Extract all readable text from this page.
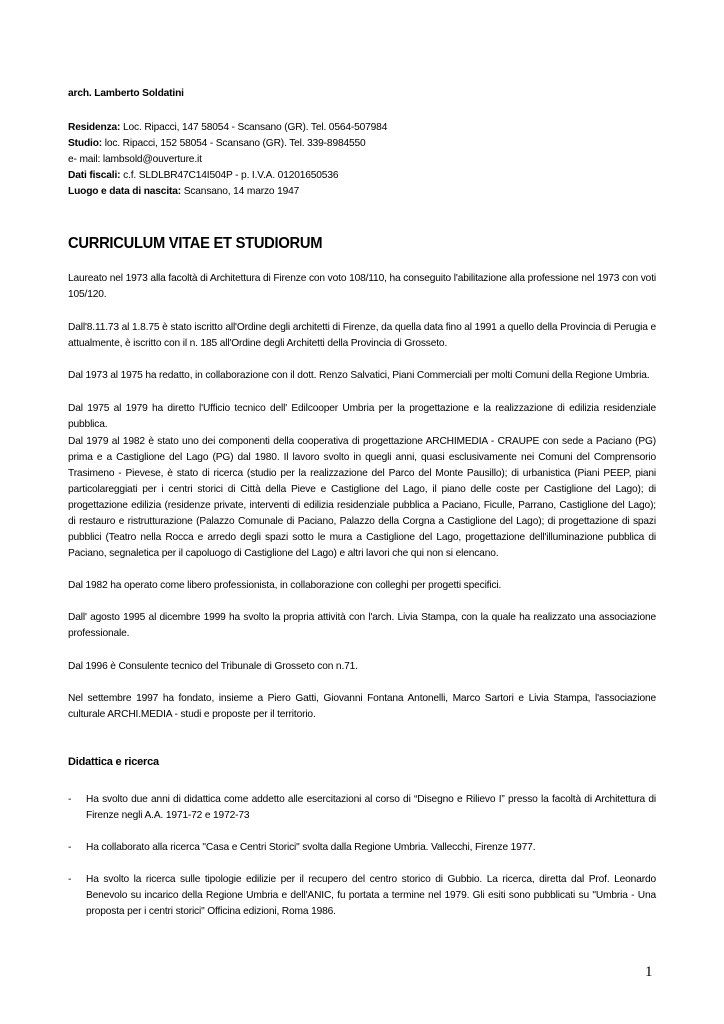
arch. Lamberto Soldatini
Residenza: Loc. Ripacci, 147 58054 - Scansano (GR). Tel. 0564-507984
Studio: loc. Ripacci, 152 58054 - Scansano (GR). Tel. 339-8984550
e- mail: lambsold@ouverture.it
Dati fiscali: c.f. SLDLBR47C14I504P - p. I.V.A. 01201650536
Luogo e data di nascita: Scansano, 14 marzo 1947
CURRICULUM VITAE ET STUDIORUM
Laureato nel 1973 alla facoltà di Architettura di Firenze con voto 108/110, ha conseguito l'abilitazione alla professione nel 1973 con voti 105/120.
Dall'8.11.73 al 1.8.75 è stato iscritto all'Ordine degli architetti di Firenze, da quella data fino al 1991 a quello della Provincia di Perugia e attualmente, è iscritto con il n. 185 all'Ordine degli Architetti della Provincia di Grosseto.
Dal 1973 al 1975 ha redatto, in collaborazione con il dott. Renzo Salvatici, Piani Commerciali per molti Comuni della Regione Umbria.
Dal 1975 al 1979 ha diretto l'Ufficio tecnico dell' Edilcooper Umbria per la progettazione e la realizzazione di edilizia residenziale pubblica.
Dal 1979 al 1982 è stato uno dei componenti della cooperativa di progettazione ARCHIMEDIA - CRAUPE con sede a Paciano (PG) prima e a Castiglione del Lago (PG) dal 1980. Il lavoro svolto in quegli anni, quasi esclusivamente nei Comuni del Comprensorio Trasimeno - Pievese, è stato di ricerca (studio per la realizzazione del Parco del Monte Pausillo); di urbanistica (Piani PEEP, piani particolareggiati per i centri storici di Città della Pieve e Castiglione del Lago, il piano delle coste per Castiglione del Lago); di progettazione edilizia (residenze private, interventi di edilizia residenziale pubblica a Paciano, Ficulle, Parrano, Castiglione del Lago); di restauro e ristrutturazione (Palazzo Comunale di Paciano, Palazzo della Corgna a Castiglione del Lago); di progettazione di spazi pubblici (Teatro nella Rocca e arredo degli spazi sotto le mura a Castiglione del Lago, progettazione dell'illuminazione pubblica di Paciano, segnaletica per il capoluogo di Castiglione del Lago) e altri lavori che qui non si elencano.
Dal 1982 ha operato come libero professionista, in collaborazione con colleghi per progetti specifici.
Dall' agosto 1995 al dicembre 1999 ha svolto la propria attività con l'arch. Livia Stampa, con la quale ha realizzato una associazione professionale.
Dal 1996 è Consulente tecnico del Tribunale di Grosseto con n.71.
Nel settembre 1997 ha fondato, insieme a Piero Gatti, Giovanni Fontana Antonelli, Marco Sartori e Livia Stampa, l'associazione culturale ARCHI.MEDIA - studi e proposte per il territorio.
Didattica e ricerca
-	Ha svolto due anni di didattica come addetto alle esercitazioni al corso di “Disegno e Rilievo I” presso la facoltà di Architettura di Firenze negli A.A. 1971-72 e 1972-73
-	Ha collaborato alla ricerca "Casa e Centri Storici" svolta dalla Regione Umbria. Vallecchi, Firenze 1977.
-	Ha svolto la ricerca sulle tipologie edilizie per il recupero del centro storico di Gubbio. La ricerca, diretta dal Prof. Leonardo Benevolo su incarico della Regione Umbria e dell'ANIC, fu portata a termine nel 1979. Gli esiti sono pubblicati su "Umbria - Una proposta per i centri storici" Officina edizioni, Roma 1986.
1
